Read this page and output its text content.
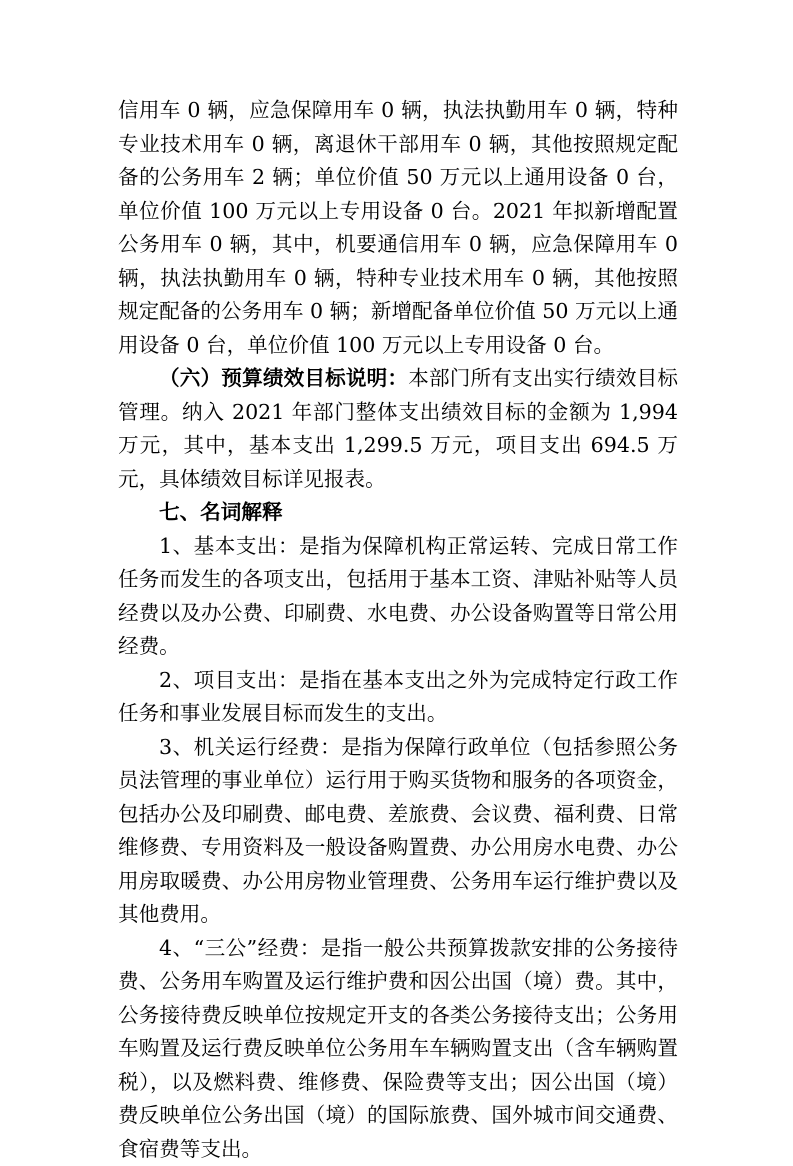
信用车 0 辆，应急保障用车 0 辆，执法执勤用车 0 辆，特种专业技术用车 0 辆，离退休干部用车 0 辆，其他按照规定配备的公务用车 2 辆；单位价值 50 万元以上通用设备 0 台，单位价值 100 万元以上专用设备 0 台。2021 年拟新增配置公务用车 0 辆，其中，机要通信用车 0 辆，应急保障用车 0 辆，执法执勤用车 0 辆，特种专业技术用车 0 辆，其他按照规定配备的公务用车 0 辆；新增配备单位价值 50 万元以上通用设备 0 台，单位价值 100 万元以上专用设备 0 台。

（六）预算绩效目标说明：本部门所有支出实行绩效目标管理。纳入 2021 年部门整体支出绩效目标的金额为 1,994 万元，其中，基本支出 1,299.5 万元，项目支出 694.5 万元，具体绩效目标详见报表。

七、名词解释

1、基本支出：是指为保障机构正常运转、完成日常工作任务而发生的各项支出，包括用于基本工资、津贴补贴等人员经费以及办公费、印刷费、水电费、办公设备购置等日常公用经费。

2、项目支出：是指在基本支出之外为完成特定行政工作任务和事业发展目标而发生的支出。

3、机关运行经费：是指为保障行政单位（包括参照公务员法管理的事业单位）运行用于购买货物和服务的各项资金，包括办公及印刷费、邮电费、差旅费、会议费、福利费、日常维修费、专用资料及一般设备购置费、办公用房水电费、办公用房取暖费、办公用房物业管理费、公务用车运行维护费以及其他费用。

4、“三公”经费：是指一般公共预算拨款安排的公务接待费、公务用车购置及运行维护费和因公出国（境）费。其中，公务接待费反映单位按规定开支的各类公务接待支出；公务用车购置及运行费反映单位公务用车车辆购置支出（含车辆购置税），以及燃料费、维修费、保险费等支出；因公出国（境）费反映单位公务出国（境）的国际旅费、国外城市间交通费、食宿费等支出。
